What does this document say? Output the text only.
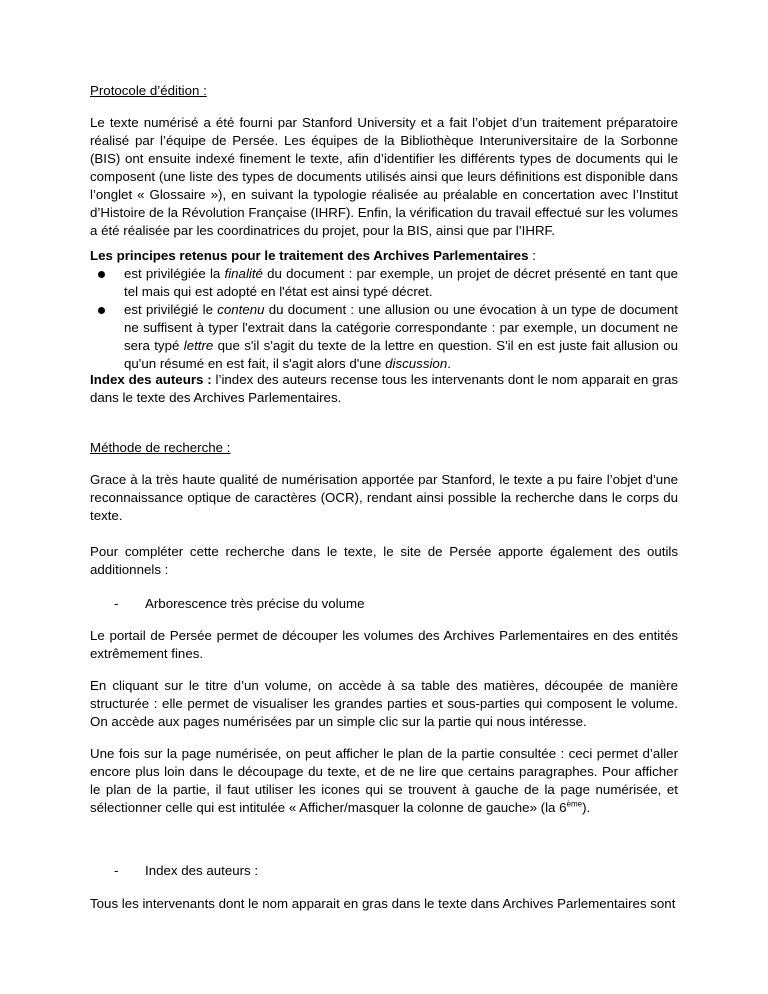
Protocole d’édition :

Le texte numérisé a été fourni par Stanford University et a fait l’objet d’un traitement préparatoire réalisé par l’équipe de Persée. Les équipes de la Bibliothèque Interuniversitaire de la Sorbonne (BIS) ont ensuite indexé finement le texte, afin d’identifier les différents types de documents qui le composent (une liste des types de documents utilisés ainsi que leurs définitions est disponible dans l’onglet « Glossaire »), en suivant la typologie réalisée au préalable en concertation avec l’Institut d’Histoire de la Révolution Française (IHRF). Enfin, la vérification du travail effectué sur les volumes a été réalisée par les coordinatrices du projet, pour la BIS, ainsi que par l’IHRF.

Les principes retenus pour le traitement des Archives Parlementaires :

est privilégiée la finalité du document : par exemple, un projet de décret présenté en tant que tel mais qui est adopté en l'état est ainsi typé décret.
est privilégié le contenu du document : une allusion ou une évocation à un type de document ne suffisent à typer l'extrait dans la catégorie correspondante : par exemple, un document ne sera typé lettre que s'il s'agit du texte de la lettre en question. S'il en est juste fait allusion ou qu'un résumé en est fait, il s'agit alors d'une discussion.

Index des auteurs : l’index des auteurs recense tous les intervenants dont le nom apparait en gras dans le texte des Archives Parlementaires.

Méthode de recherche :

Grace à la très haute qualité de numérisation apportée par Stanford, le texte a pu faire l’objet d’une reconnaissance optique de caractères (OCR), rendant ainsi possible la recherche dans le corps du texte.

Pour compléter cette recherche dans le texte, le site de Persée apporte également des outils additionnels :

- Arborescence très précise du volume

Le portail de Persée permet de découper les volumes des Archives Parlementaires en des entités extrêmement fines.

En cliquant sur le titre d’un volume, on accède à sa table des matières, découpée de manière structurée : elle permet de visualiser les grandes parties et sous-parties qui composent le volume. On accède aux pages numérisées par un simple clic sur la partie qui nous intéresse.

Une fois sur la page numérisée, on peut afficher le plan de la partie consultée : ceci permet d’aller encore plus loin dans le découpage du texte, et de ne lire que certains paragraphes. Pour afficher le plan de la partie, il faut utiliser les icones qui se trouvent à gauche de la page numérisée, et sélectionner celle qui est intitulée « Afficher/masquer la colonne de gauche» (la 6ème).

- Index des auteurs :

Tous les intervenants dont le nom apparait en gras dans le texte dans Archives Parlementaires sont
